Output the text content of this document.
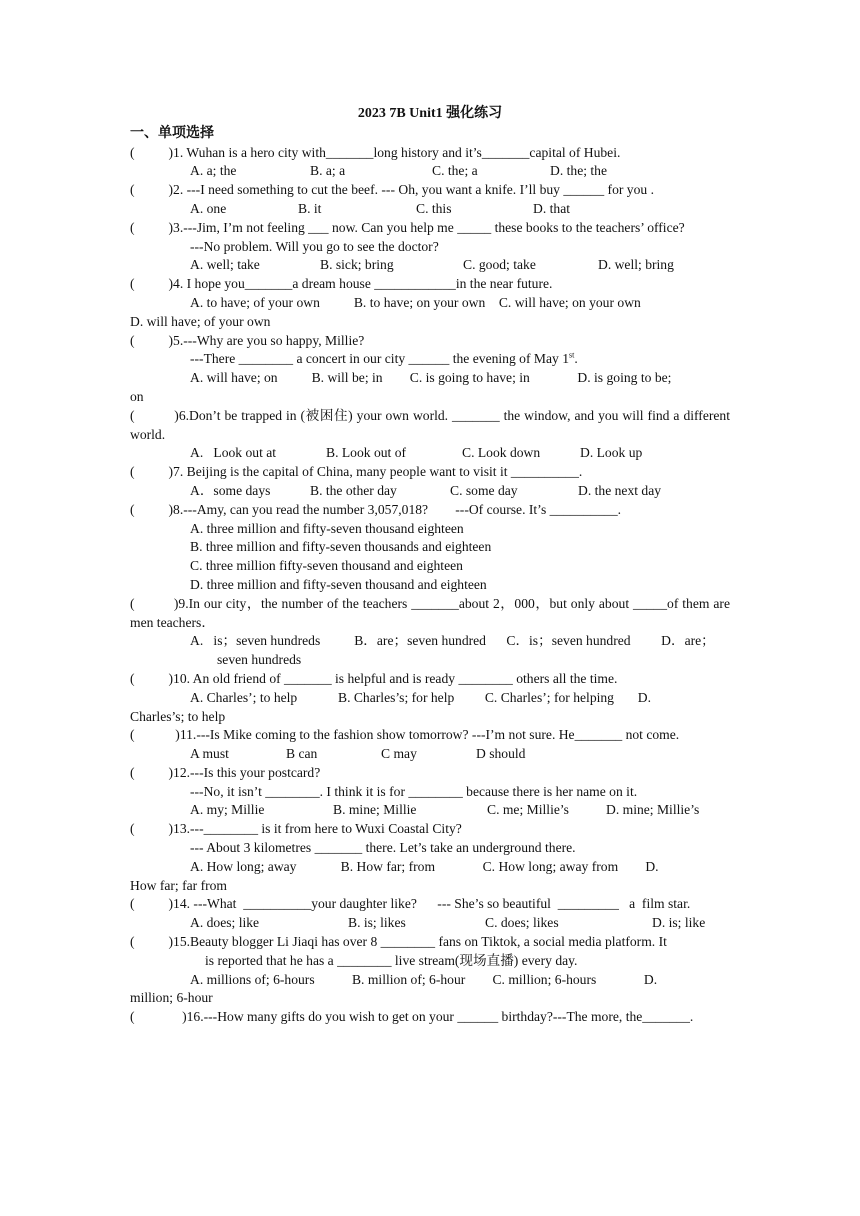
2023 7B Unit1 强化练习
一、单项选择
(          )1. Wuhan is a hero city with_______long history and it’s_______capital of Hubei.
A. a; the	B. a; a	C. the; a	D. the; the
(          )2. ---I need something to cut the beef. --- Oh, you want a knife. I’ll buy ______ for you .
A. one	B. it	C. this	D. that
(          )3.---Jim, I’m not feeling ___ now. Can you help me _____ these books to the teachers’ office?
---No problem. Will you go to see the doctor?
A. well; take	B. sick; bring	C. good; take	D. well; bring
(          )4. I hope you_______a dream house ____________in the near future.
A. to have; of your own          B. to have; on your own    C. will have; on your own
D. will have; of your own
(          )5.---Why are you so happy, Millie?
---There ________ a concert in our city ______ the evening of May 1st.
A. will have; on          B. will be; in        C. is going to have; in              D. is going to be;
on
(          )6.Don’t be trapped in (被困住) your own world. _______ the window, and you will find a different world.
A.   Look out at	B. Look out of	C. Look down	D. Look up
(          )7. Beijing is the capital of China, many people want to visit it __________.
A．some days	B. the other day	C. some day	D. the next day
(          )8.---Amy, can you read the number 3,057,018?        ---Of course. It’s __________.
A. three million and fifty-seven thousand eighteen
B. three million and fifty-seven thousands and eighteen
C. three million fifty-seven thousand and eighteen
D. three million and fifty-seven thousand and eighteen
(          )9.In our city，the number of the teachers _______about 2，000，but only about _____of them are men teachers．
A.   is；seven hundreds          B．are；seven hundred      C．is；seven hundred         D．are；
seven hundreds
(          )10. An old friend of _______ is helpful and is ready ________ others all the time.
A. Charles’; to help            B. Charles’s; for help         C. Charles’; for helping       D.
Charles’s; to help
(            )11.---Is Mike coming to the fashion show tomorrow? ---I’m not sure. He_______ not come.
A must	B can	C may	D should
(          )12.---Is this your postcard?
---No, it isn’t ________. I think it is for ________ because there is her name on it.
A. my; Millie	B. mine; Millie	C. me; Millie’s	D. mine; Millie’s
(          )13.---________ is it from here to Wuxi Coastal City?
--- About 3 kilometres _______ there. Let’s take an underground there.
A. How long; away             B. How far; from              C. How long; away from        D.
How far; far from
(          )14. ---What  __________your daughter like?      --- She’s so beautiful  _________   a  film star.
A. does; like	B. is; likes	C. does; likes	D. is; like
(          )15.Beauty blogger Li Jiaqi has over 8 ________ fans on Tiktok, a social media platform. It
is reported that he has a ________ live stream(现场直播) every day.
A. millions of; 6-hours           B. million of; 6-hour        C. million; 6-hours              D.
million; 6-hour
(              )16.---How many gifts do you wish to get on your ______ birthday?---The more, the_______.
